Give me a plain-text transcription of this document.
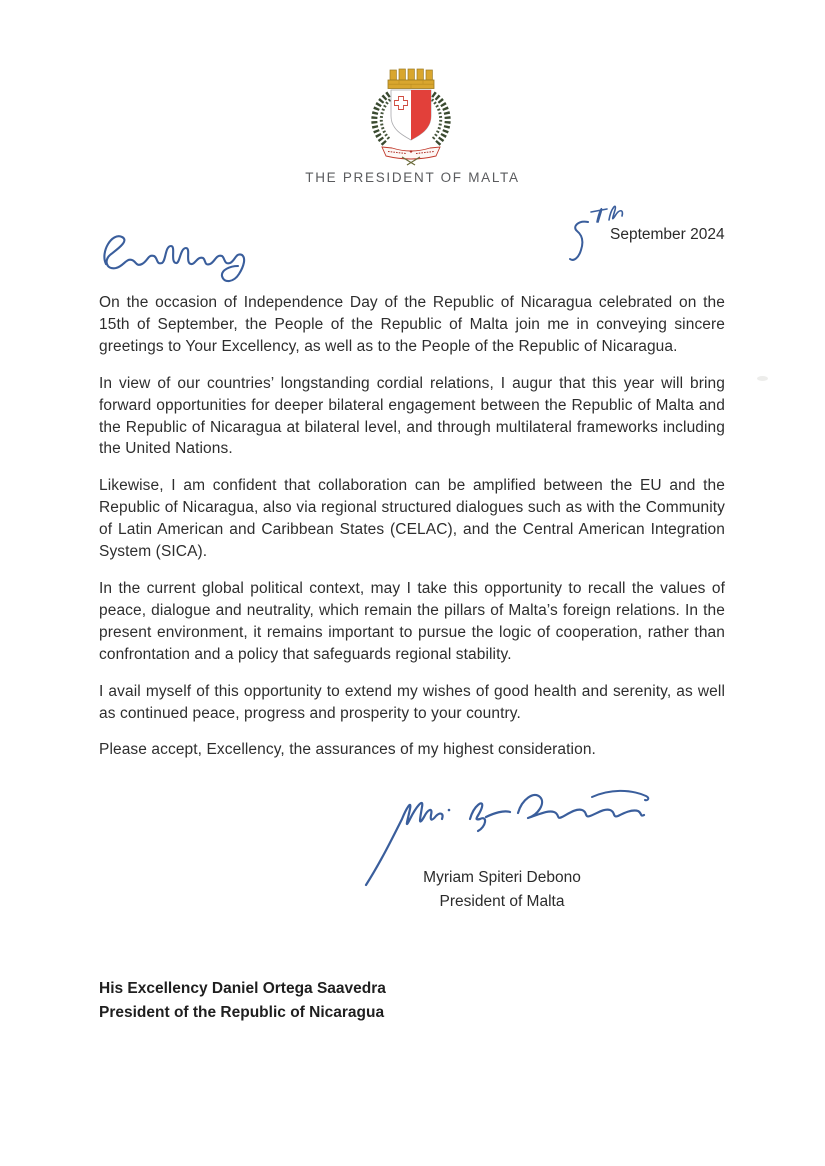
THE PRESIDENT OF MALTA
September 2024

On the occasion of Independence Day of the Republic of Nicaragua celebrated on the 15th of September, the People of the Republic of Malta join me in conveying sincere greetings to Your Excellency, as well as to the People of the Republic of Nicaragua.

In view of our countries’ longstanding cordial relations, I augur that this year will bring forward opportunities for deeper bilateral engagement between the Republic of Malta and the Republic of Nicaragua at bilateral level, and through multilateral frameworks including the United Nations.

Likewise, I am confident that collaboration can be amplified between the EU and the Republic of Nicaragua, also via regional structured dialogues such as with the Community of Latin American and Caribbean States (CELAC), and the Central American Integration System (SICA).

In the current global political context, may I take this opportunity to recall the values of peace, dialogue and neutrality, which remain the pillars of Malta’s foreign relations. In the present environment, it remains important to pursue the logic of cooperation, rather than confrontation and a policy that safeguards regional stability.

I avail myself of this opportunity to extend my wishes of good health and serenity, as well as continued peace, progress and prosperity to your country.

Please accept, Excellency, the assurances of my highest consideration.

Myriam Spiteri Debono
President of Malta
His Excellency Daniel Ortega Saavedra
President of the Republic of Nicaragua
